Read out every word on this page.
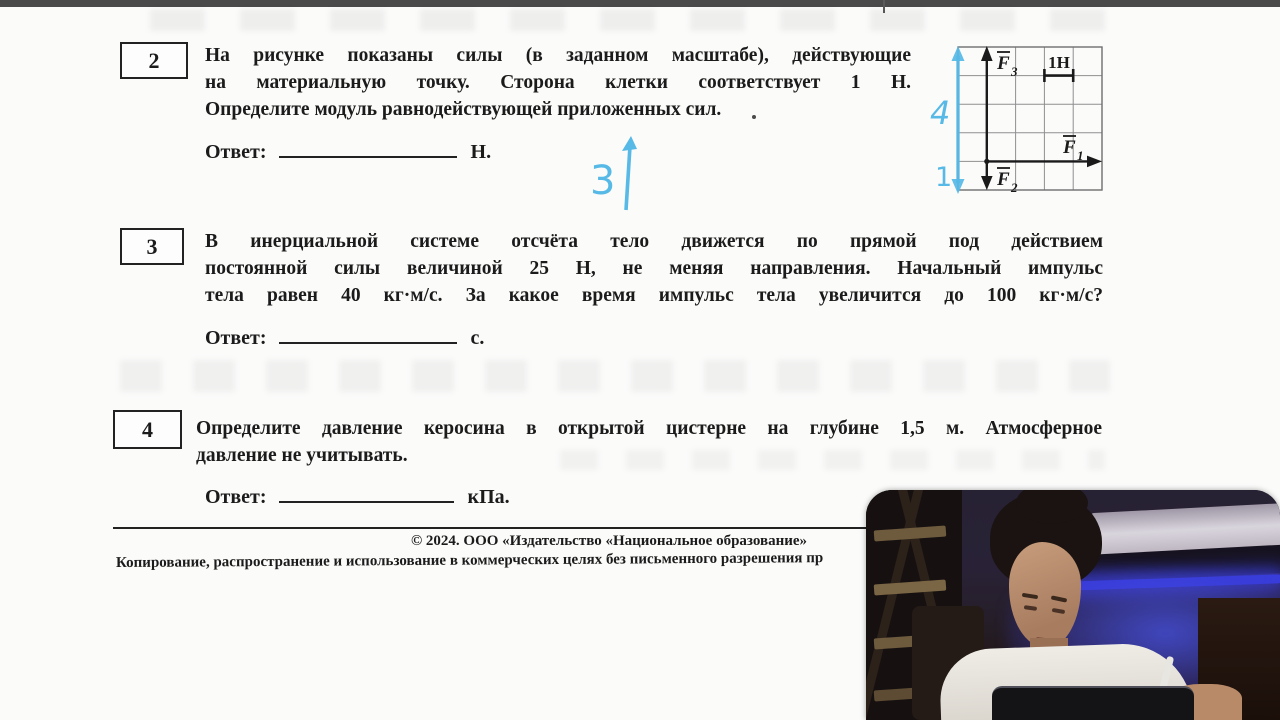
2 На рисунке показаны силы (в заданном масштабе), действующие
на материальную точку. Сторона клетки соответствует 1 Н.
Определите модуль равнодействующей приложенных сил.
Ответ:	Н.
1Н
F 3
F 1
F 2
4
1
3
3 В инерциальной системе отсчёта тело движется по прямой под действием
постоянной силы величиной 25 Н, не меняя направления. Начальный импульс
тела равен 40 кг·м/с. За какое время импульс тела увеличится до 100 кг·м/с?
Ответ:	с.
4 Определите давление керосина в открытой цистерне на глубине 1,5 м. Атмосферное
давление не учитывать.
Ответ:	кПа.
© 2024. ООО «Издательство «Национальное образование»
Копирование, распространение и использование в коммерческих целях без письменного разрешения пр
